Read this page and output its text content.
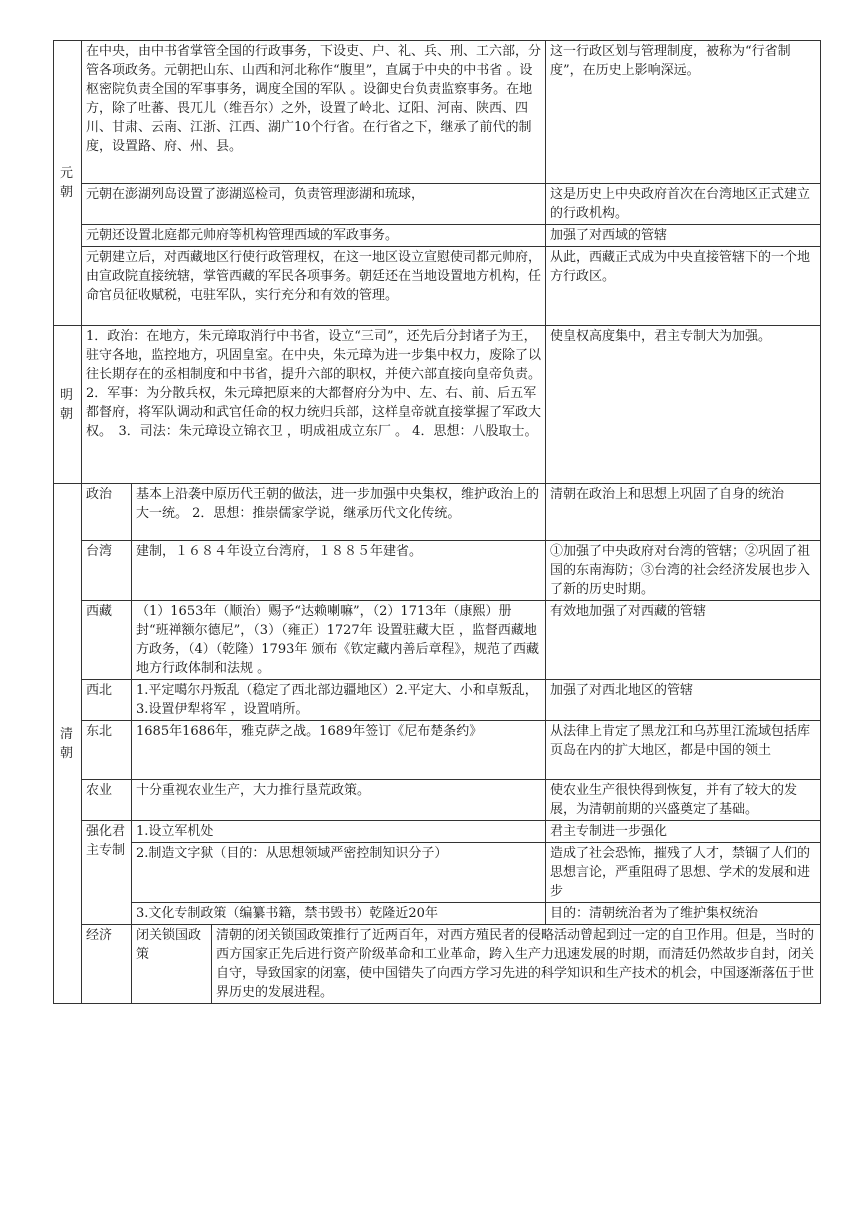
元朝	在中央，由中书省掌管全国的行政事务，下设吏、户、礼、兵、刑、工六部，分管各项政务。元朝把山东、山西和河北称作“腹里”，直属于中央的中书省 。设枢密院负责全国的军事事务，调度全国的军队 。设御史台负责监察事务。在地方，除了吐蕃、畏兀儿（维吾尔）之外，设置了岭北、辽阳、河南、陕西、四川、甘肃、云南、江浙、江西、湖广10个行省。在行省之下，继承了前代的制度，设置路、府、州、县。			这一行政区划与管理制度，被称为“行省制度”，在历史上影响深远。
	元朝在澎湖列岛设置了澎湖巡检司，负责管理澎湖和琉球，			这是历史上中央政府首次在台湾地区正式建立的行政机构。
	元朝还设置北庭都元帅府等机构管理西域的军政事务。			加强了对西域的管辖
	元朝建立后，对西藏地区行使行政管理权，在这一地区设立宣慰使司都元帅府，由宣政院直接统辖，掌管西藏的军民各项事务。朝廷还在当地设置地方机构，任命官员征收赋税，屯驻军队，实行充分和有效的管理。			从此，西藏正式成为中央直接管辖下的一个地方行政区。

明朝	1．政治：在地方，朱元璋取消行中书省，设立“三司”，还先后分封诸子为王，驻守各地，监控地方，巩固皇室。在中央，朱元璋为进一步集中权力，废除了以往长期存在的丞相制度和中书省，提升六部的职权，并使六部直接向皇帝负责。 2．军事：为分散兵权，朱元璋把原来的大都督府分为中、左、右、前、后五军都督府，将军队调动和武官任命的权力统归兵部，这样皇帝就直接掌握了军政大权。　3．司法：朱元璋设立锦衣卫 ，明成祖成立东厂 。 4．思想：八股取士。			使皇权高度集中，君主专制大为加强。

清朝	政治	基本上沿袭中原历代王朝的做法，进一步加强中央集权，维护政治上的大一统。 2．思想：推崇儒家学说，继承历代文化传统。		清朝在政治上和思想上巩固了自身的统治
	台湾	建制，１６８４年设立台湾府，１８８５年建省。		①加强了中央政府对台湾的管辖；②巩固了祖国的东南海防；③台湾的社会经济发展也步入了新的历史时期。
	西藏	（1）1653年（顺治）赐予“达赖喇嘛”，（2）1713年（康熙）册封“班禅额尔德尼”，（3）（雍正）1727年 设置驻藏大臣 ，监督西藏地方政务，（4）（乾隆）1793年 颁布《钦定藏内善后章程》，规范了西藏地方行政体制和法规 。		有效地加强了对西藏的管辖
	西北	1.平定噶尔丹叛乱（稳定了西北部边疆地区）2.平定大、小和卓叛乱，3.设置伊犁将军 ，设置哨所。		加强了对西北地区的管辖
	东北	1685年1686年，雅克萨之战。1689年签订《尼布楚条约》		从法律上肯定了黑龙江和乌苏里江流域包括库页岛在内的扩大地区，都是中国的领土
	农业	十分重视农业生产，大力推行垦荒政策。		使农业生产很快得到恢复，并有了较大的发展，为清朝前期的兴盛奠定了基础。
	强化君主专制	1.设立军机处		君主专制进一步强化
		2.制造文字狱（目的：从思想领域严密控制知识分子）		造成了社会恐怖，摧残了人才，禁锢了人们的思想言论，严重阻碍了思想、学术的发展和进步
		3.文化专制政策（编纂书籍，禁书毁书）乾隆近20年		目的：清朝统治者为了维护集权统治
	经济	闭关锁国政策	清朝的闭关锁国政策推行了近两百年，对西方殖民者的侵略活动曾起到过一定的自卫作用。但是，当时的西方国家正先后进行资产阶级革命和工业革命，跨入生产力迅速发展的时期，而清廷仍然故步自封，闭关自守，导致国家的闭塞，使中国错失了向西方学习先进的科学知识和生产技术的机会，中国逐渐落伍于世界历史的发展进程。	
